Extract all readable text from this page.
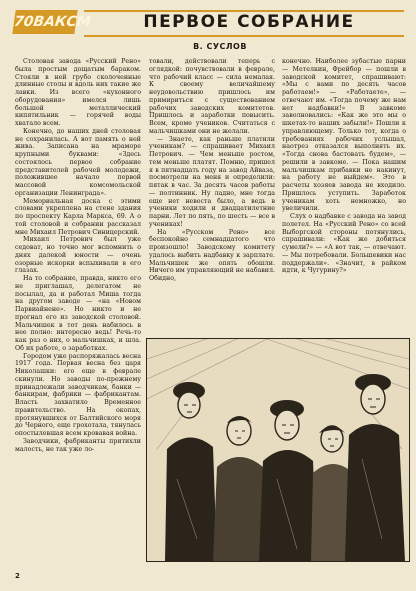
70ВАКСМ	ПЕРВОЕ СОБРАНИЕ
В. СУСЛОВ

Столовая завода «Русский Рено» была простым дощатым бараком. Стояли в ней грубо сколоченные длинные столы и вдоль них такие же лавки. Из всего «кухонного оборудования» имелся лишь большой металлический кипятильник — горячей воды хватало всем.

Конечно, до наших дней столовая не сохранилась. А вот память о ней жива. Записана на мраморе крупными буквами: «Здесь состоялось первое собрание представителей рабочей молодежи, положившее начало первой массовой комсомольской организации Ленинграда».

Мемориальная доска с этими словами укреплена на стене здания по проспекту Карла Маркса, 69. А о той столовой и собрании рассказал мне Михаил Петрович Синицерский.

Михаил Петрович был уже седоват, но точно мог вспомнить о днях далекой юности — очень озорные искорки вспыхивали в его глазах.

На то собрание, правда, никто его не приглашал, делегатом не посылал, да и работал Миша тогда на другом заводе — «на «Новом Парвиайнене». Но никто и не прогнал его из заводской столовой. Мальчишек в тот день набилось в нее полно: интересно ведь! Речь-то как раз о них, о мальчишках, и шла. Об их работе, о заработках.

Городом уже распоряжалась весна 1917 года. Первая весна без царя Николашки: его еще в феврале скинули. Но заводы по-прежнему принадлежали заводчикам, банки — банкирам, фабрики — фабрикантам. Власть захватило Временное правительство. На окопах, протянувшихся от Балтийского моря до Черного, еще грохотала, тянулась опостылевшая всем кровавая война.

Заводчики, фабриканты притихли малость, не так уже ло-

товали, действовали теперь с оглядкой: почувствовали в феврале, что рабочий класс — сила немалая. К своему величайшему неудовольствию пришлось им примириться с существованием рабочих заводских комитетов. Пришлось и заработки повысить. Всем, кроме учеников. Считаться с мальчишками они не желали.

— Знаете, как раньше платили ученикам? — спрашивает Михаил Петрович. — Чем меньше ростом, тем меньше платят. Помню, пришел я в пятнадцать году на завод Айваза, посмотрели на меня и определили: пятак в час. За десять часов работы — полтинник. Ну ладно, мне тогда еще нет невеста было, а ведь в ученики ходили и двадцатилетние парни. Лет по пять, по шесть — все в учениках!

На «Русском Рено» все беспокойно семнадцатого что произошло! Заводскому комитету удалось выбить надбавку к зарплате. Мальчишек же опять обошли. Ничего им управляющий не набавил. Обидно,

конечно. Наиболее зубастые парни — Метелкин, Фрейбор — пошли в заводской комитет, спрашивают: «Мы с вами по десять часов работаем!» — «Работаете», — отвечают им. «Тогда почему же нам нет надбавки!» В завкоме заволновались: «Как же это мы о шкетах-то наших забыли!» Пошли к управляющему. Только тот, когда о требованиях рабочих услышал, наотрез отказался выполнять их. «Тогда снова бастовать будем», — решили в завкоме. — Пока нашим мальчишкам прибавки не накинут, на работу не выйдем». Это в расчеты хозяев завода не входило. Пришлось уступить. Заработок ученикам хоть немножко, но увеличили.

Слух о надбавке с завода на завод полетел. На «Русский Рено» со всей Выборгской стороны потянулись, спрашивали: «Как же добиться сумели?» — «А вот так, — отвечают. — Мы потребовали. Большевики нас поддержали». «Значит, в райком идти, к Чугурину?»

2
